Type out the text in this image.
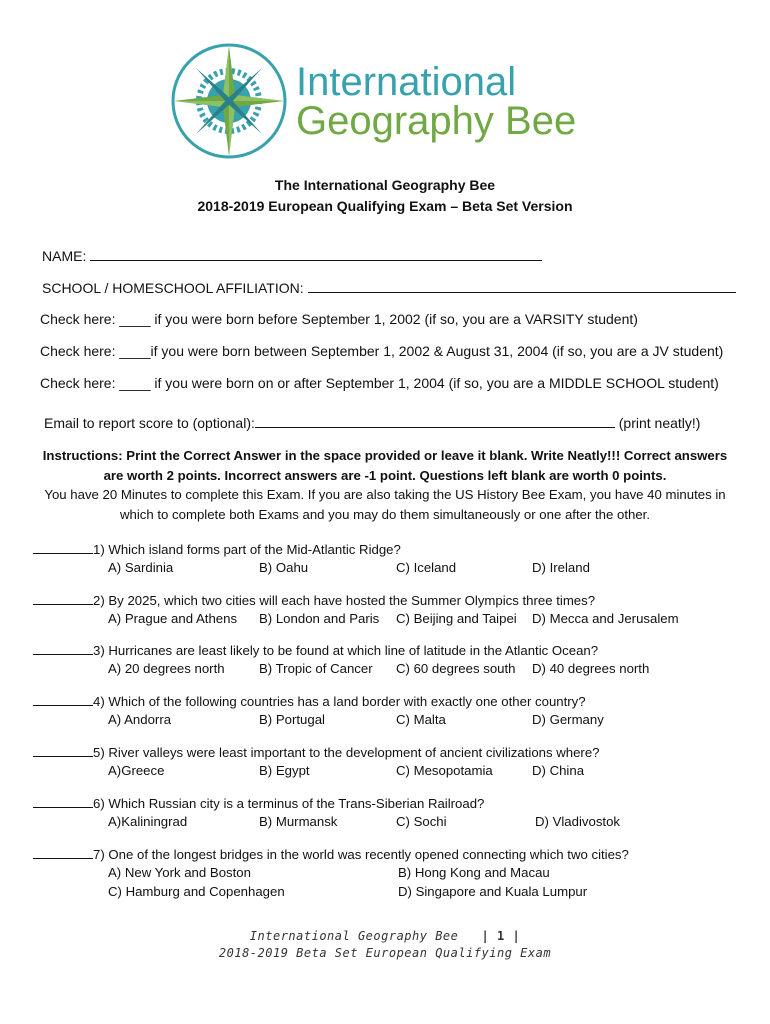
International
Geography Bee
The International Geography Bee
2018-2019 European Qualifying Exam – Beta Set Version
NAME:
SCHOOL / HOMESCHOOL AFFILIATION:
Check here: ____ if you were born before September 1, 2002 (if so, you are a VARSITY student)
Check here: ____if you were born between September 1, 2002 & August 31, 2004 (if so, you are a JV student)
Check here: ____ if you were born on or after September 1, 2004 (if so, you are a MIDDLE SCHOOL student)
Email to report score to (optional):	(print neatly!)
Instructions: Print the Correct Answer in the space provided or leave it blank. Write Neatly!!! Correct answers are worth 2 points. Incorrect answers are -1 point. Questions left blank are worth 0 points.
You have 20 Minutes to complete this Exam. If you are also taking the US History Bee Exam, you have 40 minutes in which to complete both Exams and you may do them simultaneously or one after the other.
1) Which island forms part of the Mid-Atlantic Ridge?
A) Sardinia	B) Oahu	C) Iceland	D) Ireland
2) By 2025, which two cities will each have hosted the Summer Olympics three times?
A) Prague and Athens B) London and Paris C) Beijing and Taipei D) Mecca and Jerusalem
3) Hurricanes are least likely to be found at which line of latitude in the Atlantic Ocean?
A) 20 degrees north	B) Tropic of Cancer C) 60 degrees south D) 40 degrees north
4) Which of the following countries has a land border with exactly one other country?
A) Andorra	B) Portugal	C) Malta	D) Germany
5) River valleys were least important to the development of ancient civilizations where?
A)Greece	B) Egypt	C) Mesopotamia	D) China
6) Which Russian city is a terminus of the Trans-Siberian Railroad?
A)Kaliningrad	B) Murmansk	C) Sochi	D) Vladivostok
7) One of the longest bridges in the world was recently opened connecting which two cities?
A) New York and Boston	B) Hong Kong and Macau
C) Hamburg and Copenhagen	D) Singapore and Kuala Lumpur
International Geography Bee   | 1 |
2018-2019 Beta Set European Qualifying Exam
